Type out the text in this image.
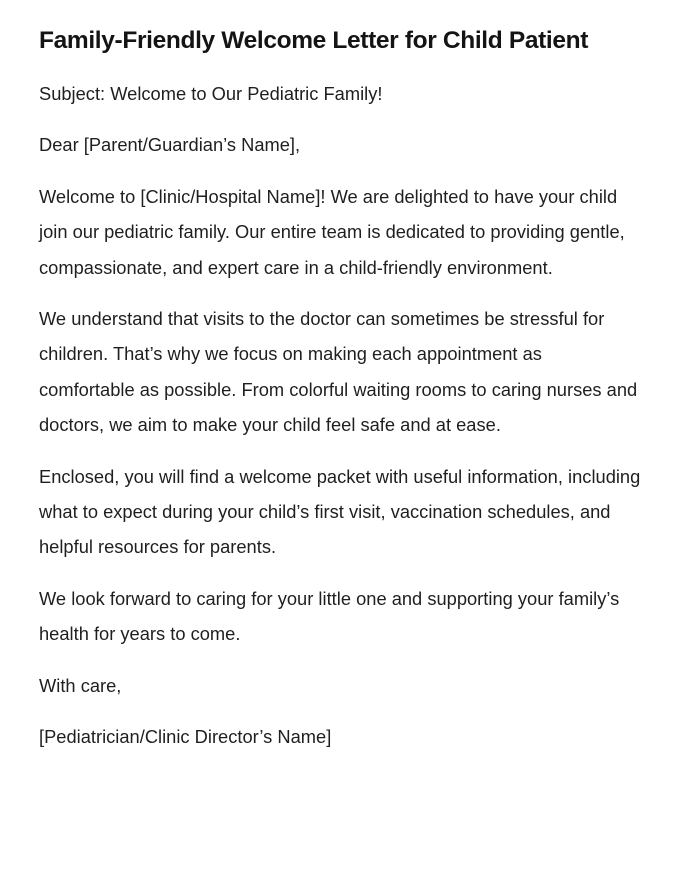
Family-Friendly Welcome Letter for Child Patient

Subject: Welcome to Our Pediatric Family!

Dear [Parent/Guardian’s Name],

Welcome to [Clinic/Hospital Name]! We are delighted to have your child join our pediatric family. Our entire team is dedicated to providing gentle, compassionate, and expert care in a child-friendly environment.

We understand that visits to the doctor can sometimes be stressful for children. That’s why we focus on making each appointment as comfortable as possible. From colorful waiting rooms to caring nurses and doctors, we aim to make your child feel safe and at ease.

Enclosed, you will find a welcome packet with useful information, including what to expect during your child’s first visit, vaccination schedules, and helpful resources for parents.

We look forward to caring for your little one and supporting your family’s health for years to come.

With care,

[Pediatrician/Clinic Director’s Name]
